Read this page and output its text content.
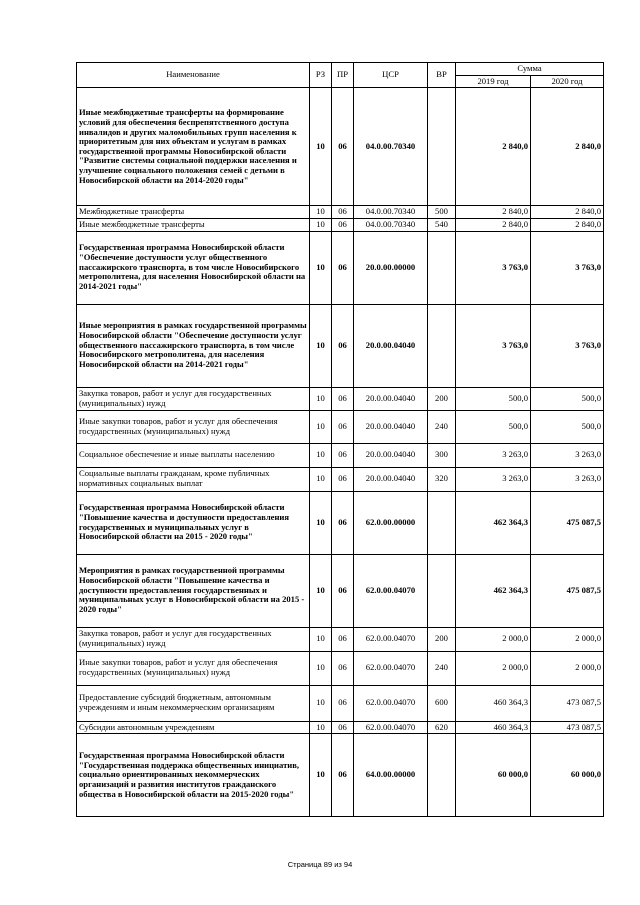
Наименование	РЗ	ПР	ЦСР	ВР	Сумма	
					2019 год	2020 год
Иные межбюджетные трансферты на формирование условий для обеспечения беспрепятственного доступа инвалидов и других маломобильных групп населения к приоритетным для них объектам и услугам в рамках государственной программы Новосибирской области "Развитие системы социальной поддержки населения и улучшение социального положения семей с детьми в Новосибирской области на 2014-2020 годы"	10	06	04.0.00.70340		2 840,0	2 840,0
Межбюджетные трансферты	10	06	04.0.00.70340	500	2 840,0	2 840,0
Иные межбюджетные трансферты	10	06	04.0.00.70340	540	2 840,0	2 840,0
Государственная программа Новосибирской области "Обеспечение доступности услуг общественного пассажирского транспорта, в том числе Новосибирского метрополитена, для населения Новосибирской области на 2014-2021 годы"	10	06	20.0.00.00000		3 763,0	3 763,0
Иные мероприятия в рамках государственной программы Новосибирской области "Обеспечение доступности услуг общественного пассажирского транспорта, в том числе Новосибирского метрополитена, для населения Новосибирской области на 2014-2021 годы"	10	06	20.0.00.04040		3 763,0	3 763,0
Закупка товаров, работ и услуг для государственных (муниципальных) нужд	10	06	20.0.00.04040	200	500,0	500,0
Иные закупки товаров, работ и услуг для обеспечения государственных (муниципальных) нужд	10	06	20.0.00.04040	240	500,0	500,0
Социальное обеспечение и иные выплаты населению	10	06	20.0.00.04040	300	3 263,0	3 263,0
Социальные выплаты гражданам, кроме публичных нормативных социальных выплат	10	06	20.0.00.04040	320	3 263,0	3 263,0
Государственная программа Новосибирской области "Повышение качества и доступности предоставления государственных и муниципальных услуг в Новосибирской области на 2015 - 2020 годы"	10	06	62.0.00.00000		462 364,3	475 087,5
Мероприятия в рамках государственной программы Новосибирской области "Повышение качества и доступности предоставления государственных и муниципальных услуг в Новосибирской области на 2015 - 2020 годы"	10	06	62.0.00.04070		462 364,3	475 087,5
Закупка товаров, работ и услуг для государственных (муниципальных) нужд	10	06	62.0.00.04070	200	2 000,0	2 000,0
Иные закупки товаров, работ и услуг для обеспечения государственных (муниципальных) нужд	10	06	62.0.00.04070	240	2 000,0	2 000,0
Предоставление субсидий бюджетным, автономным учреждениям и иным некоммерческим организациям	10	06	62.0.00.04070	600	460 364,3	473 087,5
Субсидии автономным учреждениям	10	06	62.0.00.04070	620	460 364,3	473 087,5
Государственная программа Новосибирской области "Государственная поддержка общественных инициатив, социально ориентированных некоммерческих организаций и развития институтов гражданского общества в Новосибирской области на 2015-2020 годы"	10	06	64.0.00.00000		60 000,0	60 000,0
Страница 89 из 94
